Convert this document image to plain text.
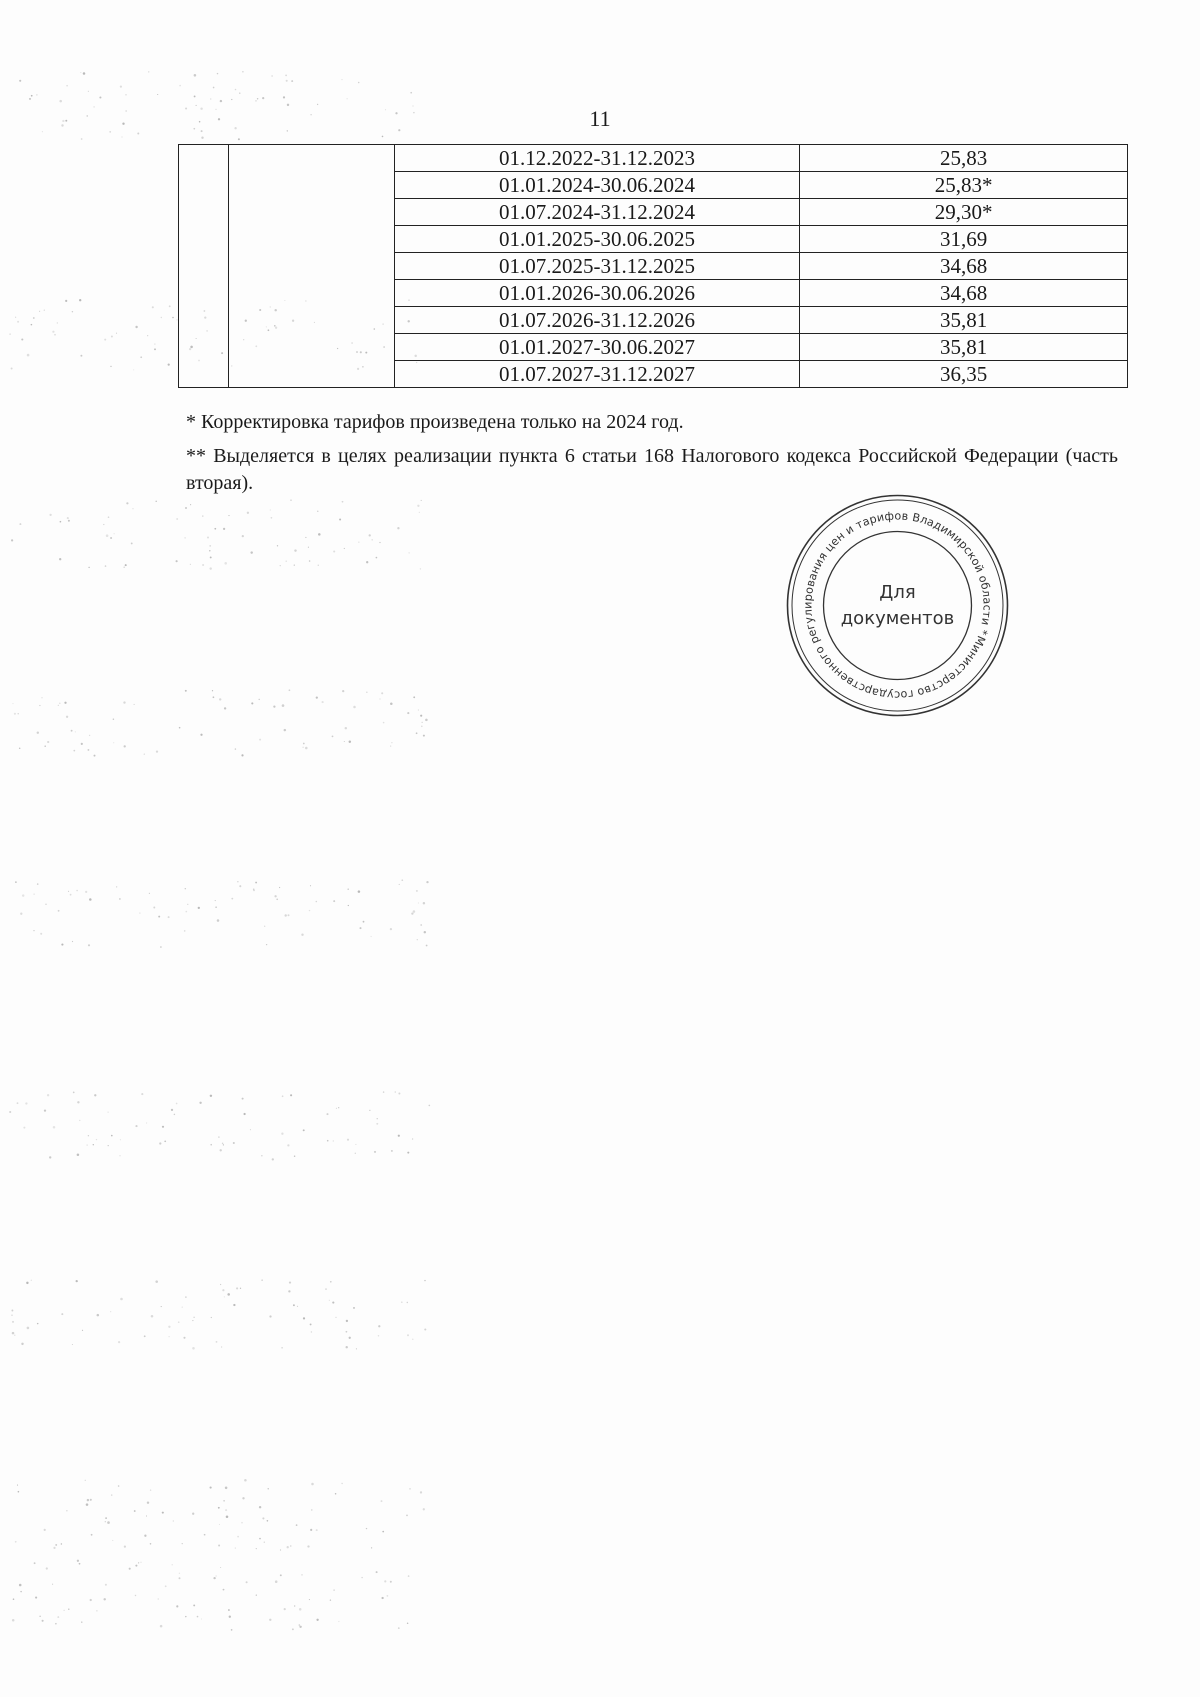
11
		01.12.2022-31.12.2023	25,83
		01.01.2024-30.06.2024	25,83*
		01.07.2024-31.12.2024	29,30*
		01.01.2025-30.06.2025	31,69
		01.07.2025-31.12.2025	34,68
		01.01.2026-30.06.2026	34,68
		01.07.2026-31.12.2026	35,81
		01.01.2027-30.06.2027	35,81
		01.07.2027-31.12.2027	36,35

* Корректировка тарифов произведена только на 2024 год.

** Выделяется в целях реализации пункта 6 статьи 168 Налогового кодекса Российской Федерации (часть вторая).

Министерство государственного регулирования цен и тарифов Владимирской области *
Для
документов
